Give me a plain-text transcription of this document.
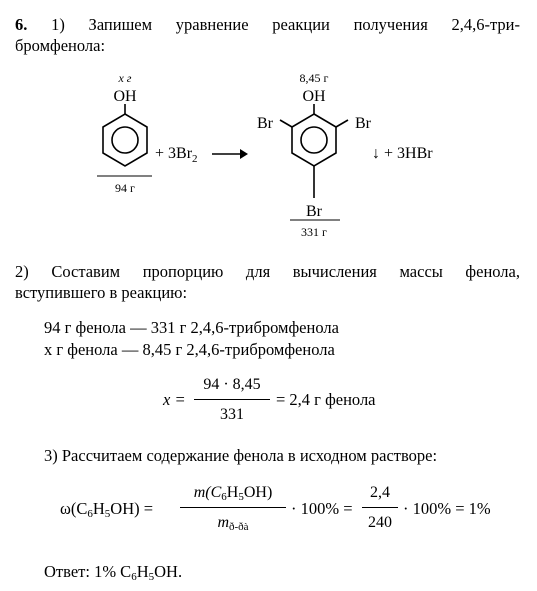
6. 1) Запишем уравнение реакции получения 2,4,6-три-
бромфенола:
x г
OH
94 г
+ $3Br_2$
8,45 г
OH
Br	Br
Br
331 г
↓ + 3HBr
2) Составим пропорцию для вычисления массы фенола,
вступившего в реакцию:
94 г фенола — 331 г 2,4,6-трибромфенола
x г фенола — 8,45 г 2,4,6-трибромфенола
x =
94 · 8,45
331
= 2,4 г фенола
3) Рассчитаем содержание фенола в исходном растворе:
$\omega(C_6H_5OH)$ =
$m(C_6H_5OH)$
$m_{ð-ðà}$
· 100% =
2,4
240
· 100% = 1%
Ответ: 1% $C_6H_5OH$.
